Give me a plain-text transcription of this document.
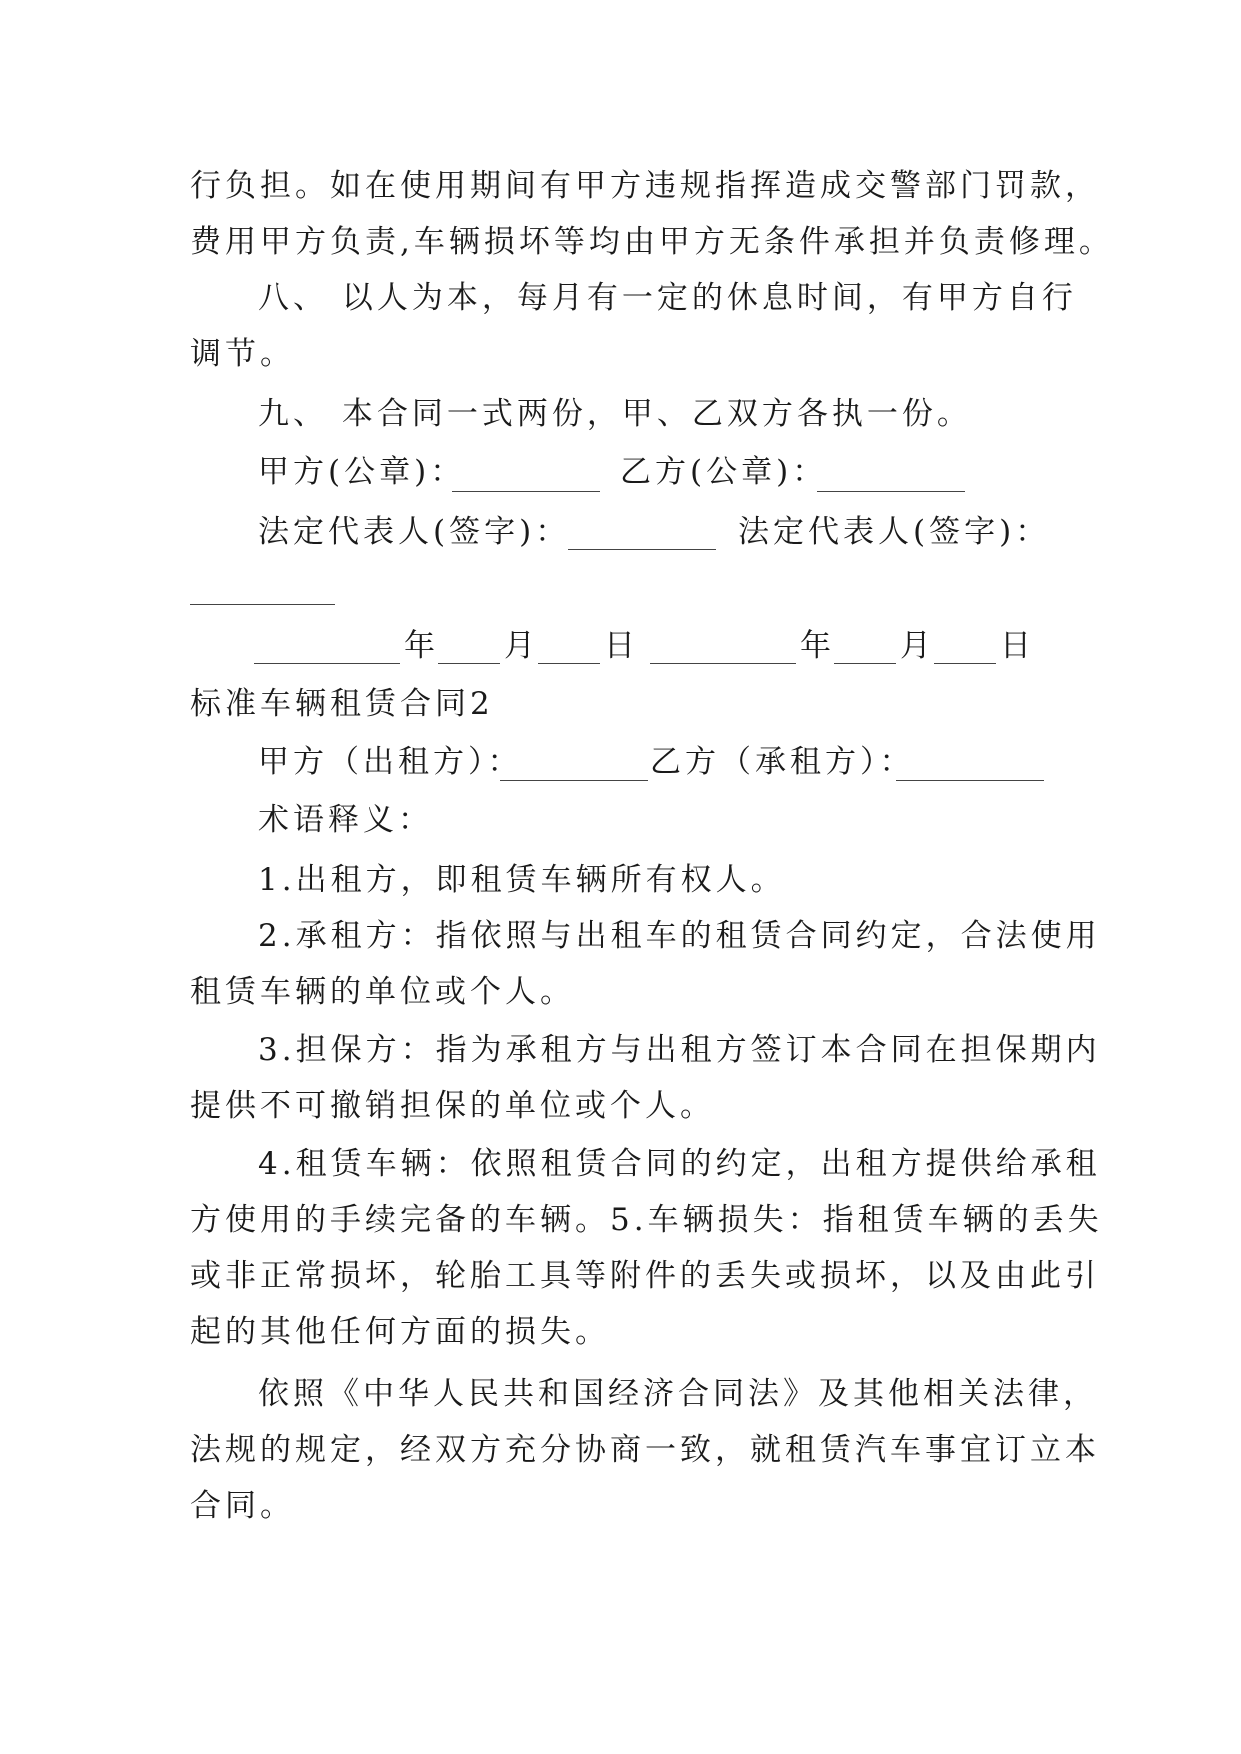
行负担。如在使用期间有甲方违规指挥造成交警部门罚款，
费用甲方负责,车辆损坏等均由甲方无条件承担并负责修理。
八、 以人为本，每月有一定的休息时间，有甲方自行
调节。
九、 本合同一式两份，甲、乙双方各执一份。
甲方(公章)：	乙方(公章)：
法定代表人(签字)：	法定代表人(签字)：
年 月 日	年 月 日
标准车辆租赁合同2
甲方（出租方）：	乙方（承租方）：
术语释义：
1.出租方，即租赁车辆所有权人。
2.承租方：指依照与出租车的租赁合同约定，合法使用
租赁车辆的单位或个人。
3.担保方：指为承租方与出租方签订本合同在担保期内
提供不可撤销担保的单位或个人。
4.租赁车辆：依照租赁合同的约定，出租方提供给承租
方使用的手续完备的车辆。5.车辆损失：指租赁车辆的丢失
或非正常损坏，轮胎工具等附件的丢失或损坏，以及由此引
起的其他任何方面的损失。
依照《中华人民共和国经济合同法》及其他相关法律，
法规的规定，经双方充分协商一致，就租赁汽车事宜订立本
合同。
